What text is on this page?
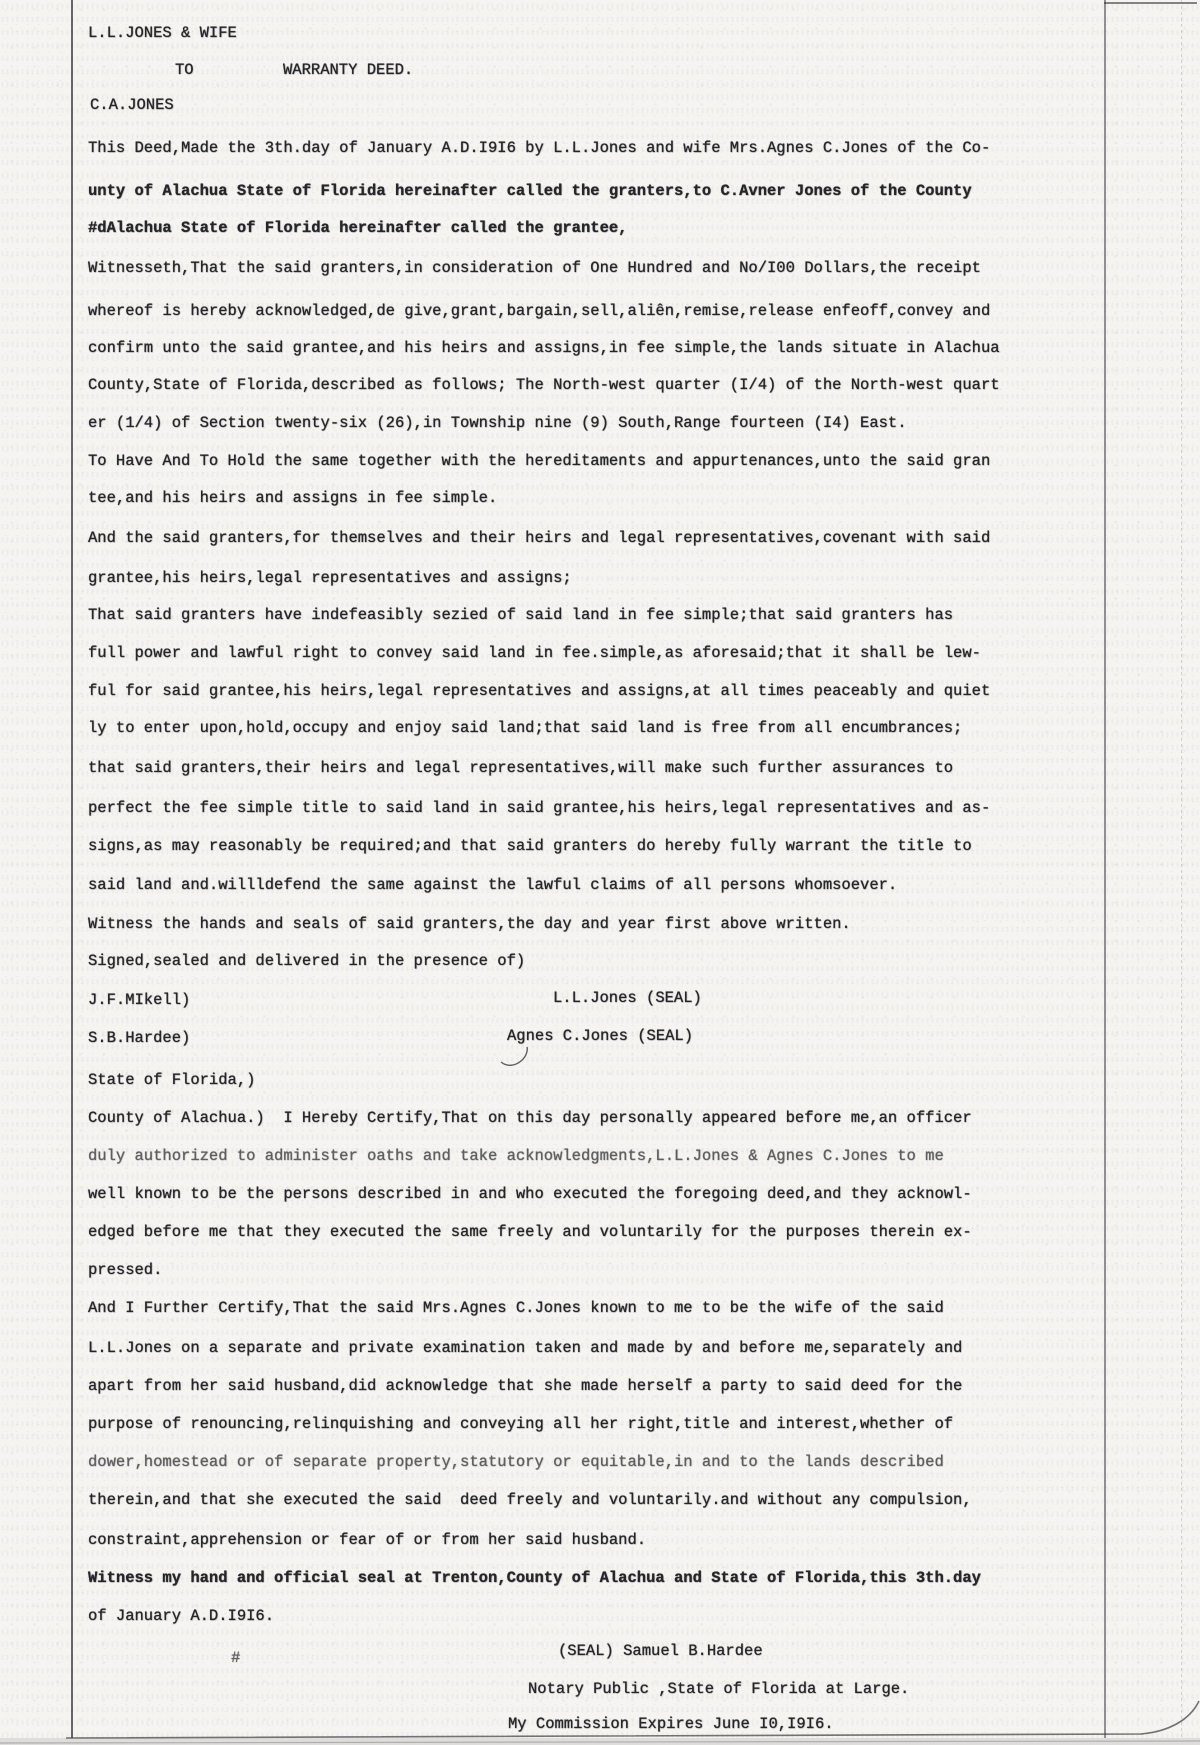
L.L.JONES & WIFE
TO	WARRANTY DEED.
C.A.JONES
This Deed,Made the 3th.day of January A.D.I9I6 by L.L.Jones and wife Mrs.Agnes C.Jones of the Co-
unty of Alachua State of Florida hereinafter called the granters,to C.Avner Jones of the County
#dAlachua State of Florida hereinafter called the grantee,
Witnesseth,That the said granters,in consideration of One Hundred and No/I00 Dollars,the receipt
whereof is hereby acknowledged,de give,grant,bargain,sell,aliên,remise,release enfeoff,convey and
confirm unto the said grantee,and his heirs and assigns,in fee simple,the lands situate in Alachua
County,State of Florida,described as follows; The North-west quarter (I/4) of the North-west quart
er (1/4) of Section twenty-six (26),in Township nine (9) South,Range fourteen (I4) East.
To Have And To Hold the same together with the hereditaments and appurtenances,unto the said gran
tee,and his heirs and assigns in fee simple.
And the said granters,for themselves and their heirs and legal representatives,covenant with said
grantee,his heirs,legal representatives and assigns;
That said granters have indefeasibly sezied of said land in fee simple;that said granters has
full power and lawful right to convey said land in fee.simple,as aforesaid;that it shall be lew-
ful for said grantee,his heirs,legal representatives and assigns,at all times peaceably and quiet
ly to enter upon,hold,occupy and enjoy said land;that said land is free from all encumbrances;
that said granters,their heirs and legal representatives,will make such further assurances to
perfect the fee simple title to said land in said grantee,his heirs,legal representatives and as-
signs,as may reasonably be required;and that said granters do hereby fully warrant the title to
said land and.willldefend the same against the lawful claims of all persons whomsoever.
Witness the hands and seals of said granters,the day and year first above written.
Signed,sealed and delivered in the presence of)
J.F.MIkell)	L.L.Jones (SEAL)
S.B.Hardee)	Agnes C.Jones (SEAL)
State of Florida,)
County of Alachua.)  I Hereby Certify,That on this day personally appeared before me,an officer
duly authorized to administer oaths and take acknowledgments,L.L.Jones & Agnes C.Jones to me
well known to be the persons described in and who executed the foregoing deed,and they acknowl-
edged before me that they executed the same freely and voluntarily for the purposes therein ex-
pressed.
And I Further Certify,That the said Mrs.Agnes C.Jones known to me to be the wife of the said
L.L.Jones on a separate and private examination taken and made by and before me,separately and
apart from her said husband,did acknowledge that she made herself a party to said deed for the
purpose of renouncing,relinquishing and conveying all her right,title and interest,whether of
dower,homestead or of separate property,statutory or equitable,in and to the lands described
therein,and that she executed the said  deed freely and voluntarily.and without any compulsion,
constraint,apprehension or fear of or from her said husband.
Witness my hand and official seal at Trenton,County of Alachua and State of Florida,this 3th.day
of January A.D.I9I6.
#	(SEAL) Samuel B.Hardee
Notary Public ,State of Florida at Large.
My Commission Expires June I0,I9I6.
